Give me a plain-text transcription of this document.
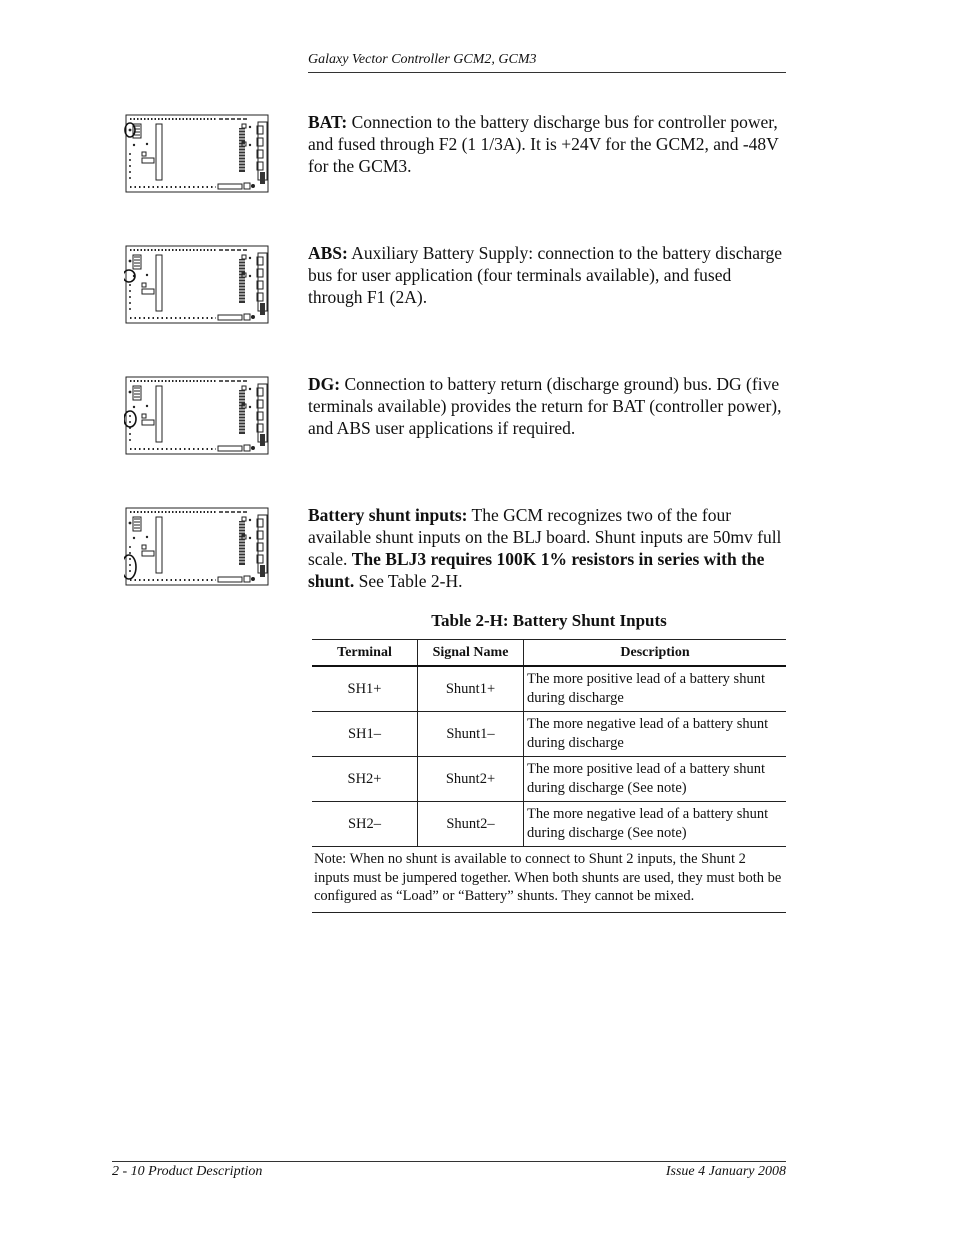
Galaxy Vector Controller GCM2, GCM3
BAT: Connection to the battery discharge bus for controller power, and fused through F2 (1 1/3A). It is +24V for the GCM2, and -48V for the GCM3.
ABS: Auxiliary Battery Supply: connection to the battery discharge bus for user application (four terminals available), and fused through F1 (2A).
DG: Connection to battery return (discharge ground) bus. DG (five terminals available) provides the return for BAT (controller power), and ABS user applications if required.
Battery shunt inputs: The GCM recognizes two of the four available shunt inputs on the BLJ board. Shunt inputs are 50mv full scale. The BLJ3 requires 100K 1% resistors in series with the shunt. See Table 2-H.
Table 2-H: Battery Shunt Inputs
Terminal	Signal Name	Description
SH1+	Shunt1+	The more positive lead of a battery shunt during discharge
SH1–	Shunt1–	The more negative lead of a battery shunt during discharge
SH2+	Shunt2+	The more positive lead of a battery shunt during discharge (See note)
SH2–	Shunt2–	The more negative lead of a battery shunt during discharge (See note)
Note: When no shunt is available to connect to Shunt 2 inputs, the Shunt 2 inputs must be jumpered together. When both shunts are used, they must both be configured as “Load” or “Battery” shunts. They cannot be mixed.		
2 - 10 Product Description	Issue 4 January 2008
